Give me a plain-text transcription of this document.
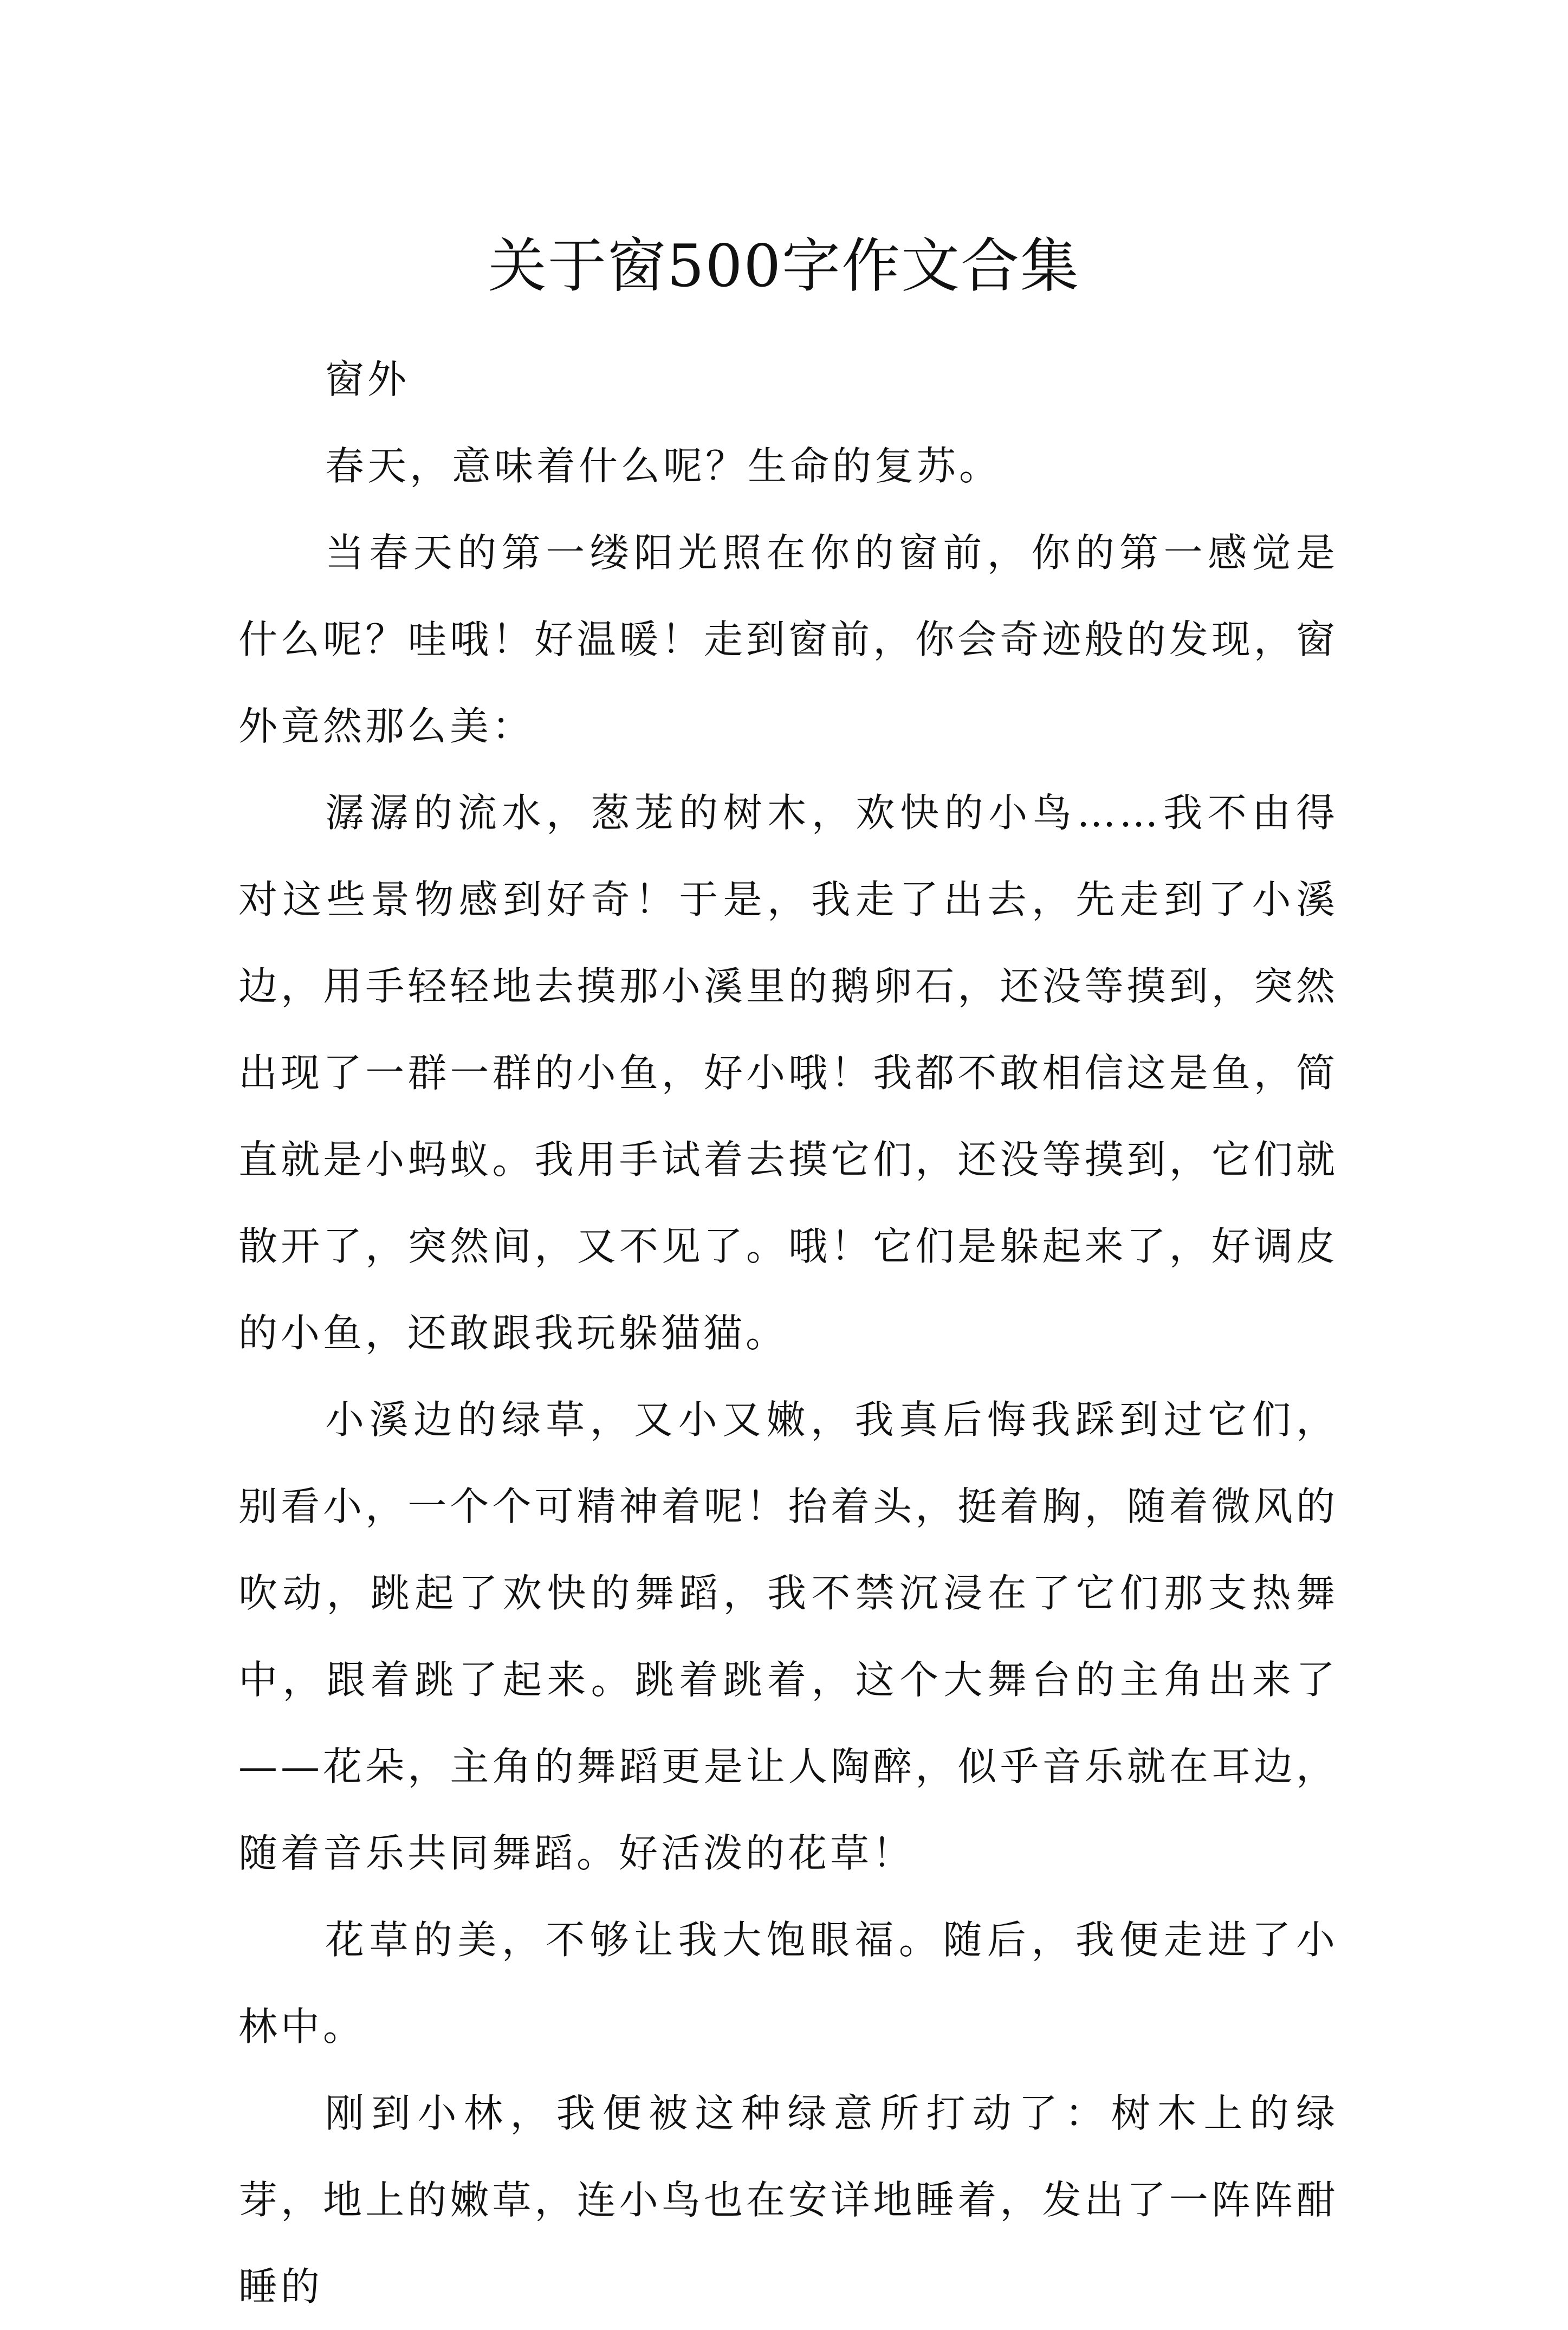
关于窗500字作文合集

窗外

春天，意味着什么呢？生命的复苏。

当春天的第一缕阳光照在你的窗前，你的第一感觉是什么呢？哇哦！好温暖！走到窗前，你会奇迹般的发现，窗外竟然那么美：

潺潺的流水，葱茏的树木，欢快的小鸟……我不由得对这些景物感到好奇！于是，我走了出去，先走到了小溪边，用手轻轻地去摸那小溪里的鹅卵石，还没等摸到，突然出现了一群一群的小鱼，好小哦！我都不敢相信这是鱼，简直就是小蚂蚁。我用手试着去摸它们，还没等摸到，它们就散开了，突然间，又不见了。哦！它们是躲起来了，好调皮的小鱼，还敢跟我玩躲猫猫。

小溪边的绿草，又小又嫩，我真后悔我踩到过它们，别看小，一个个可精神着呢！抬着头，挺着胸，随着微风的吹动，跳起了欢快的舞蹈，我不禁沉浸在了它们那支热舞中，跟着跳了起来。跳着跳着，这个大舞台的主角出来了——花朵，主角的舞蹈更是让人陶醉，似乎音乐就在耳边，随着音乐共同舞蹈。好活泼的花草！

花草的美，不够让我大饱眼福。随后，我便走进了小林中。

刚到小林，我便被这种绿意所打动了：树木上的绿芽，地上的嫩草，连小鸟也在安详地睡着，发出了一阵阵酣睡的
